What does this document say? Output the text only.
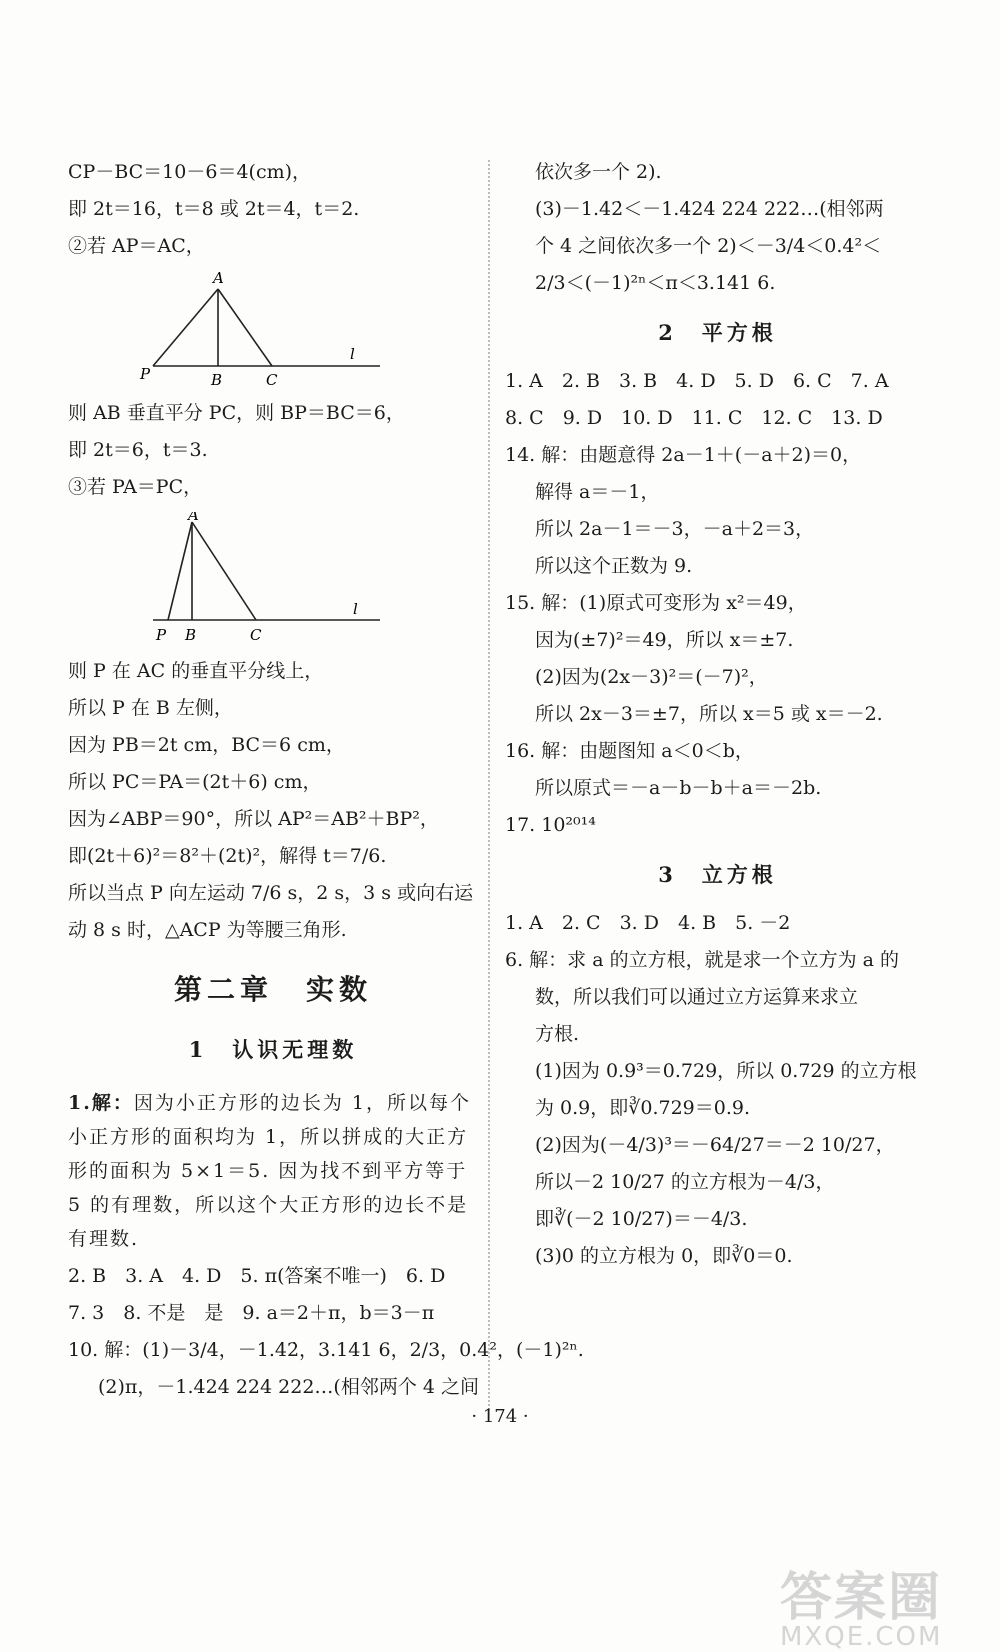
CP－BC＝10－6＝4(cm)，

即 2t＝16，t＝8 或 2t＝4，t＝2.

②若 AP＝AC，

A
P	B	C
l

则 AB 垂直平分 PC，则 BP＝BC＝6，

即 2t＝6，t＝3.

③若 PA＝PC，

A
P B	C
l

则 P 在 AC 的垂直平分线上，

所以 P 在 B 左侧，

因为 PB＝2t cm，BC＝6 cm，

所以 PC＝PA＝(2t＋6) cm，

因为∠ABP＝90°，所以 AP²＝AB²＋BP²，

即(2t＋6)²＝8²＋(2t)²，解得 t＝7/6.

所以当点 P 向左运动 7/6 s，2 s，3 s 或向右运

动 8 s 时，△ACP 为等腰三角形.

第二章　实数
1　认识无理数

1.解：因为小正方形的边长为 1，所以每个小正方形的面积均为 1，所以拼成的大正方形的面积为 5×1＝5. 因为找不到平方等于 5 的有理数，所以这个大正方形的边长不是有理数.

2. B　3. A　4. D　5. π(答案不唯一)　6. D

7. 3　8. 不是　是　9. a＝2＋π，b＝3－π

10. 解：(1)－3/4，－1.4̇2̇，3.141 6，2/3，0.4²，(－1)²ⁿ.

(2)π，－1.424 224 222…(相邻两个 4 之间

依次多一个 2).

(3)－1.4̇2̇＜－1.424 224 222…(相邻两

个 4 之间依次多一个 2)＜－3/4＜0.4²＜

2/3＜(－1)²ⁿ＜π＜3.141 6.

2　平方根

1. A　2. B　3. B　4. D　5. D　6. C　7. A

8. C　9. D　10. D　11. C　12. C　13. D

14. 解：由题意得 2a－1＋(－a＋2)＝0，

解得 a＝－1，

所以 2a－1＝－3，－a＋2＝3，

所以这个正数为 9.

15. 解：(1)原式可变形为 x²＝49，

因为(±7)²＝49，所以 x＝±7.

(2)因为(2x－3)²＝(－7)²，

所以 2x－3＝±7，所以 x＝5 或 x＝－2.

16. 解：由题图知 a＜0＜b，

所以原式＝－a－b－b＋a＝－2b.

17. 10²⁰¹⁴

3　立方根

1. A　2. C　3. D　4. B　5. －2

6. 解：求 a 的立方根，就是求一个立方为 a 的

数，所以我们可以通过立方运算来求立

方根.

(1)因为 0.9³＝0.729，所以 0.729 的立方根

为 0.9，即∛0.729＝0.9.

(2)因为(－4/3)³＝－64/27＝－2 10/27，

所以－2 10/27 的立方根为－4/3，

即∛(－2 10/27)＝－4/3.

(3)0 的立方根为 0，即∛0＝0.

· 174 ·
答案圈
MXQE.COM
